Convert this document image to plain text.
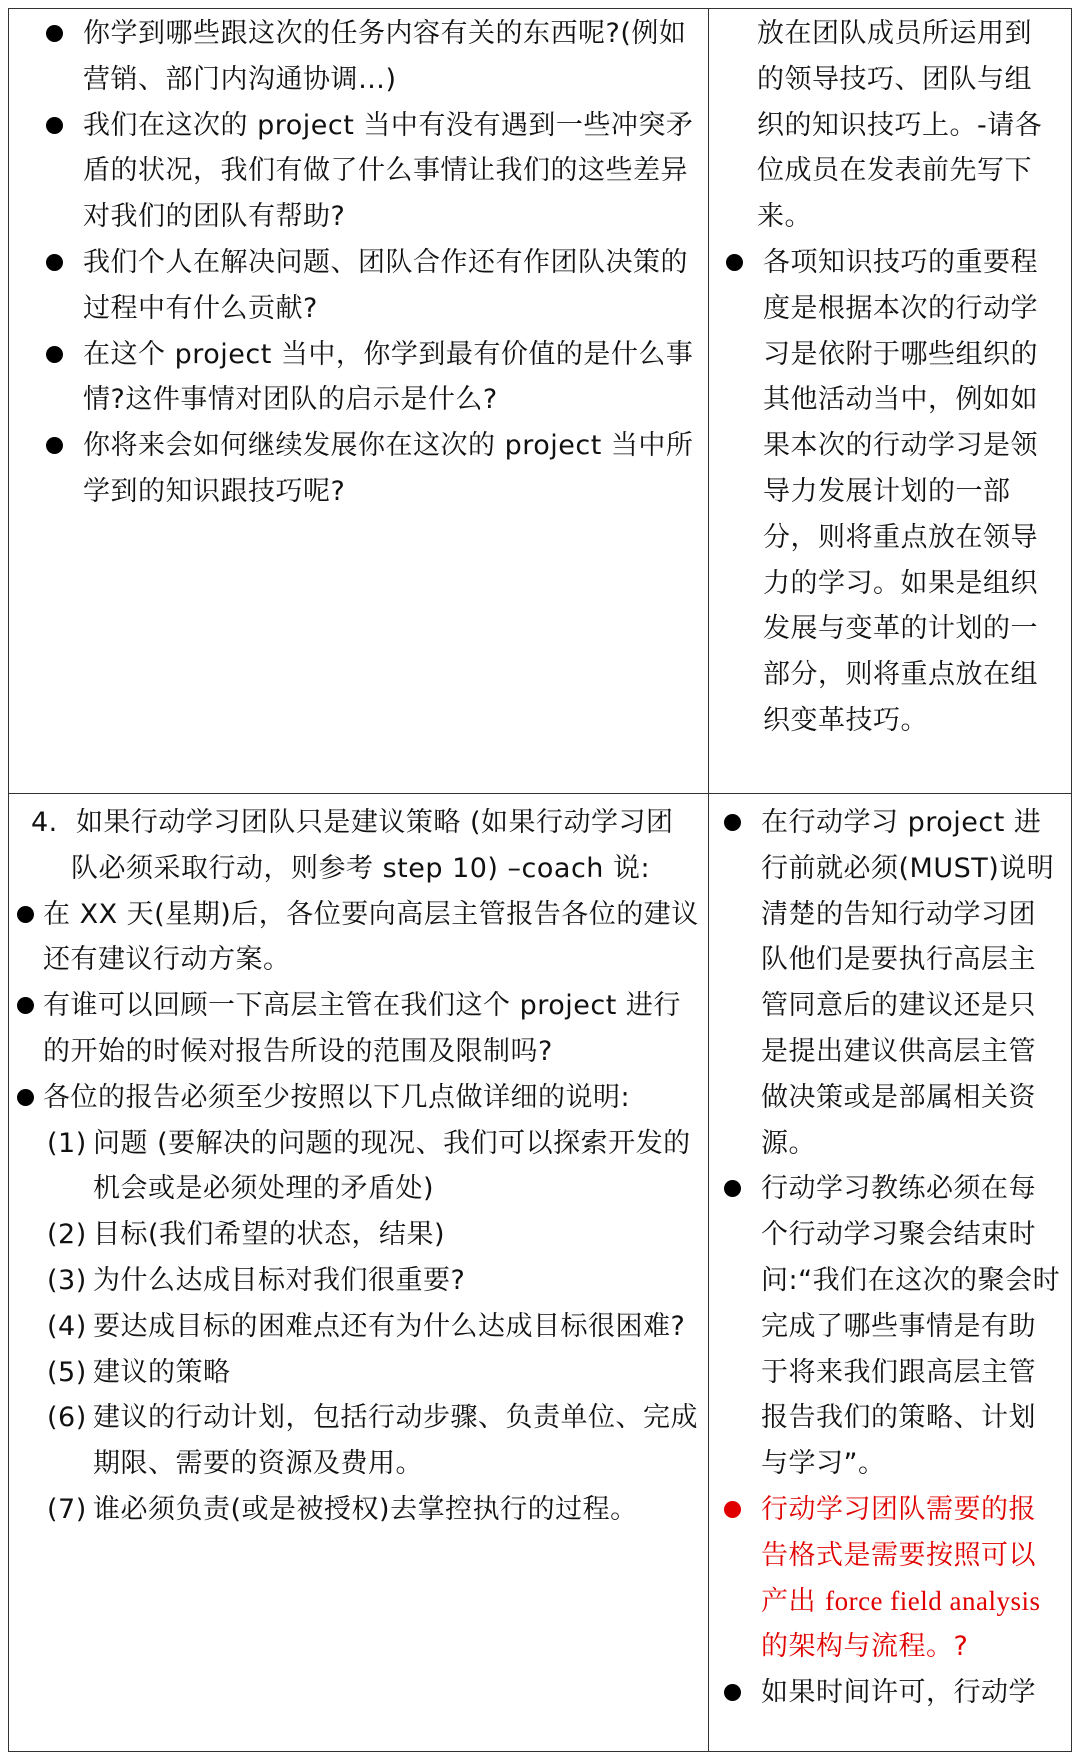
你学到哪些跟这次的任务内容有关的东西呢?(例如营销、部门内沟通协调…)
我们在这次的 project 当中有没有遇到一些冲突矛盾的状况，我们有做了什么事情让我们的这些差异对我们的团队有帮助?
我们个人在解决问题、团队合作还有作团队决策的过程中有什么贡献?
在这个 project 当中，你学到最有价值的是什么事情?这件事情对团队的启示是什么?
你将来会如何继续发展你在这次的 project 当中所学到的知识跟技巧呢?
放在团队成员所运用到的领导技巧、团队与组织的知识技巧上。-请各位成员在发表前先写下来。
各项知识技巧的重要程度是根据本次的行动学习是依附于哪些组织的其他活动当中，例如如果本次的行动学习是领导力发展计划的一部分，则将重点放在领导力的学习。如果是组织发展与变革的计划的一部分，则将重点放在组织变革技巧。
4. 如果行动学习团队只是建议策略 (如果行动学习团队必须采取行动，则参考 step 10) –coach 说:
在 XX 天(星期)后，各位要向高层主管报告各位的建议还有建议行动方案。
有谁可以回顾一下高层主管在我们这个 project 进行的开始的时候对报告所设的范围及限制吗?
各位的报告必须至少按照以下几点做详细的说明:
(1) 问题 (要解决的问题的现况、我们可以探索开发的机会或是必须处理的矛盾处)
(2) 目标(我们希望的状态，结果)
(3) 为什么达成目标对我们很重要?
(4) 要达成目标的困难点还有为什么达成目标很困难?
(5) 建议的策略
(6) 建议的行动计划，包括行动步骤、负责单位、完成期限、需要的资源及费用。
(7) 谁必须负责(或是被授权)去掌控执行的过程。
在行动学习 project 进行前就必须(MUST)说明清楚的告知行动学习团队他们是要执行高层主管同意后的建议还是只是提出建议供高层主管做决策或是部属相关资源。
行动学习教练必须在每个行动学习聚会结束时问:“我们在这次的聚会时完成了哪些事情是有助于将来我们跟高层主管报告我们的策略、计划与学习”。
行动学习团队需要的报告格式是需要按照可以产出 force field analysis 的架构与流程。?
如果时间许可，行动学
